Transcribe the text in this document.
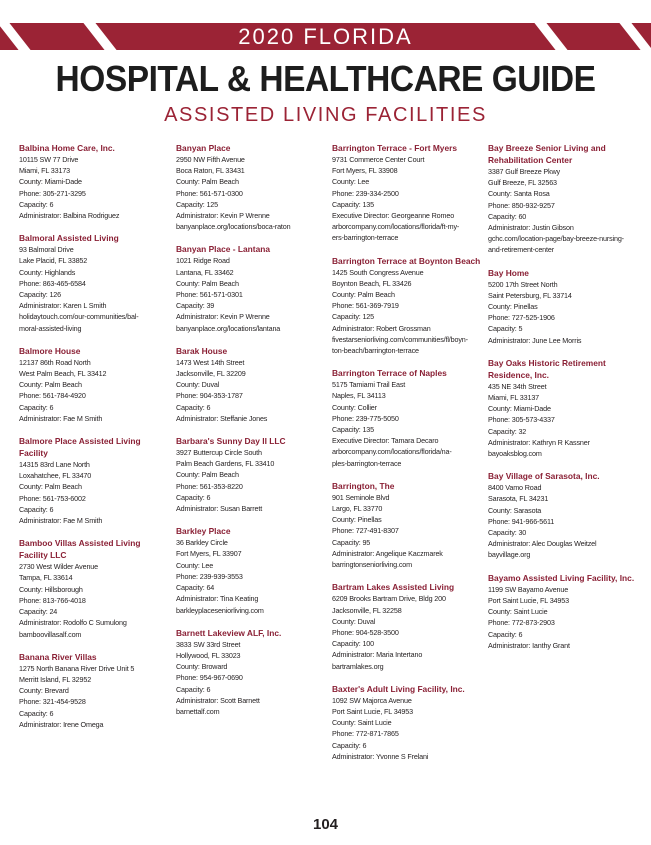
2020 FLORIDA
HOSPITAL & HEALTHCARE GUIDE
ASSISTED LIVING FACILITIES
Balbina Home Care, Inc.
10115 SW 77 Drive
Miami, FL 33173
County: Miami-Dade
Phone: 305-271-3295
Capacity: 6
Administrator: Balbina Rodriguez
Balmoral Assisted Living
93 Balmoral Drive
Lake Placid, FL 33852
County: Highlands
Phone: 863-465-6584
Capacity: 126
Administrator: Karen L Smith
holidaytouch.com/our-communities/bal-
moral-assisted-living
Balmore House
12137 86th Road North
West Palm Beach, FL 33412
County: Palm Beach
Phone: 561-784-4920
Capacity: 6
Administrator: Fae M Smith
Balmore Place Assisted Living Facility
14315 83rd Lane North
Loxahatchee, FL 33470
County: Palm Beach
Phone: 561-753-6002
Capacity: 6
Administrator: Fae M Smith
Bamboo Villas Assisted Living Facility LLC
2730 West Wilder Avenue
Tampa, FL 33614
County: Hillsborough
Phone: 813-766-4018
Capacity: 24
Administrator: Rodolfo C Sumulong
bamboovillasalf.com
Banana River Villas
1275 North Banana River Drive Unit 5
Merritt Island, FL 32952
County: Brevard
Phone: 321-454-9528
Capacity: 6
Administrator: Irene Omega
Banyan Place
2950 NW Fifth Avenue
Boca Raton, FL 33431
County: Palm Beach
Phone: 561-571-0300
Capacity: 125
Administrator: Kevin P Wrenne
banyanplace.org/locations/boca-raton
Banyan Place - Lantana
1021 Ridge Road
Lantana, FL 33462
County: Palm Beach
Phone: 561-571-0301
Capacity: 39
Administrator: Kevin P Wrenne
banyanplace.org/locations/lantana
Barak House
1473 West 14th Street
Jacksonville, FL 32209
County: Duval
Phone: 904-353-1787
Capacity: 6
Administrator: Steffanie Jones
Barbara's Sunny Day II LLC
3927 Buttercup Circle South
Palm Beach Gardens, FL 33410
County: Palm Beach
Phone: 561-353-8220
Capacity: 6
Administrator: Susan Barrett
Barkley Place
36 Barkley Circle
Fort Myers, FL 33907
County: Lee
Phone: 239-939-3553
Capacity: 64
Administrator: Tina Keating
barkleyplaceseniorliving.com
Barnett Lakeview ALF, Inc.
3833 SW 33rd Street
Hollywood, FL 33023
County: Broward
Phone: 954-967-0690
Capacity: 6
Administrator: Scott Barnett
barnettalf.com
Barrington Terrace - Fort Myers
9731 Commerce Center Court
Fort Myers, FL 33908
County: Lee
Phone: 239-334-2500
Capacity: 135
Executive Director: Georgeanne Romeo
arborcompany.com/locations/florida/ft-my-
ers-barrington-terrace
Barrington Terrace at Boynton Beach
1425 South Congress Avenue
Boynton Beach, FL 33426
County: Palm Beach
Phone: 561-369-7919
Capacity: 125
Administrator: Robert Grossman
fivestarseniorliving.com/communities/fl/boyn-
ton-beach/barrington-terrace
Barrington Terrace of Naples
5175 Tamiami Trail East
Naples, FL 34113
County: Collier
Phone: 239-775-5050
Capacity: 135
Executive Director: Tamara Decaro
arborcompany.com/locations/florida/na-
ples-barrington-terrace
Barrington, The
901 Seminole Blvd
Largo, FL 33770
County: Pinellas
Phone: 727-491-8307
Capacity: 95
Administrator: Angelique Kaczmarek
barringtonseniorliving.com
Bartram Lakes Assisted Living
6209 Brooks Bartram Drive, Bldg 200
Jacksonville, FL 32258
County: Duval
Phone: 904-528-3500
Capacity: 100
Administrator: Maria Intertano
bartramlakes.org
Baxter's Adult Living Facility, Inc.
1092 SW Majorca Avenue
Port Saint Lucie, FL 34953
County: Saint Lucie
Phone: 772-871-7865
Capacity: 6
Administrator: Yvonne S Frelani
Bay Breeze Senior Living and Rehabilitation Center
3387 Gulf Breeze Pkwy
Gulf Breeze, FL 32563
County: Santa Rosa
Phone: 850-932-9257
Capacity: 60
Administrator: Justin Gibson
gchc.com/location-page/bay-breeze-nursing-
and-retirement-center
Bay Home
5200 17th Street North
Saint Petersburg, FL 33714
County: Pinellas
Phone: 727-525-1906
Capacity: 5
Administrator: June Lee Morris
Bay Oaks Historic Retirement Residence, Inc.
435 NE 34th Street
Miami, FL 33137
County: Miami-Dade
Phone: 305-573-4337
Capacity: 32
Administrator: Kathryn R Kassner
bayoaksblog.com
Bay Village of Sarasota, Inc.
8400 Vamo Road
Sarasota, FL 34231
County: Sarasota
Phone: 941-966-5611
Capacity: 30
Administrator: Alec Douglas Weitzel
bayvillage.org
Bayamo Assisted Living Facility, Inc.
1199 SW Bayamo Avenue
Port Saint Lucie, FL 34953
County: Saint Lucie
Phone: 772-873-2903
Capacity: 6
Administrator: Ianthy Grant
104
